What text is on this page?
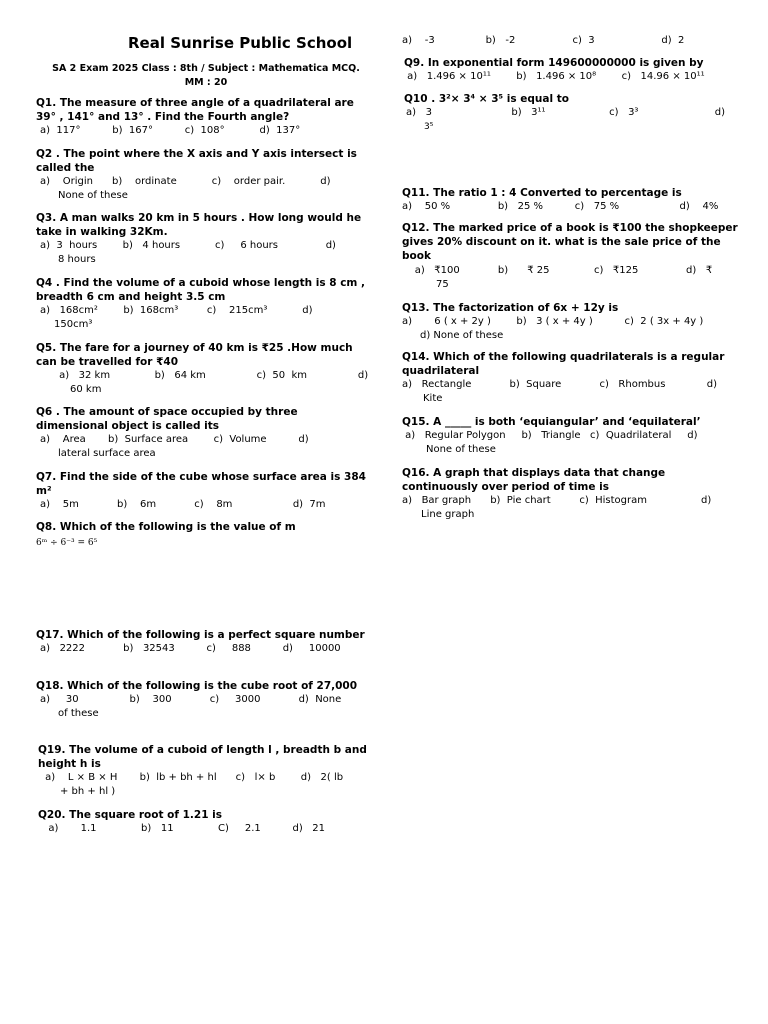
Real Sunrise Public School
SA 2 Exam 2025 Class : 8th / Subject : Mathematica MCQ.
MM : 20
Q1. The measure of three angle of a quadrilateral are 39° , 141° and 13° . Find the Fourth angle?
a)  117°          b)  167°          c)  108°           d)  137°
Q2 . The point where the X axis and Y axis intersect is called the
a)    Origin      b)    ordinate           c)    order pair.           d)
None of these
Q3. A man walks 20 km in 5 hours . How long would he take in walking 32Km.
a)  3  hours        b)   4 hours           c)     6 hours               d)
8 hours
Q4 . Find the volume of a cuboid whose length is 8 cm , breadth 6 cm and height 3.5 cm
a)   168cm²        b)  168cm³         c)    215cm³           d)
150cm³
Q5. The fare for a journey of 40 km is ₹25 .How much can be travelled for ₹40
a)   32 km              b)   64 km                c)  50  km                d)
60 km
Q6 . The amount of space occupied by three dimensional object is called its
a)    Area       b)  Surface area        c)  Volume          d)
lateral surface area
Q7. Find the side of the cube whose surface area is 384 m²
a)    5m            b)    6m            c)    8m                   d)  7m
Q8. Which of the following is the value of m
6ᵐ ÷ 6⁻³ = 6⁵
Q17. Which of the following is a perfect square number
a)   2222            b)   32543          c)     888          d)     10000
Q18. Which of the following is the cube root of 27,000
a)     30                b)    300            c)     3000            d)  None
of these
Q19. The volume of a cuboid of length l , breadth b and height h is
a)    L × B × H       b)  lb + bh + hl      c)   l× b        d)   2( lb
+ bh + hl )
Q20. The square root of 1.21 is
a)       1.1              b)   11              C)     2.1          d)   21
a)    -3                b)   -2                  c)  3                     d)  2
Q9. In exponential form 149600000000 is given by
a)   1.496 × 10¹¹        b)   1.496 × 10⁸        c)   14.96 × 10¹¹
Q10 . 3²× 3⁴ × 3⁵ is equal to
a)   3                         b)   3¹¹                    c)   3³                        d)
3⁵
Q11. The ratio 1 : 4 Converted to percentage is
a)    50 %               b)   25 %          c)   75 %                   d)    4%
Q12. The marked price of a book is ₹100 the shopkeeper gives 20% discount on it. what is the sale price of the book
a)   ₹100            b)      ₹ 25              c)   ₹125               d)   ₹
75
Q13. The factorization of 6x + 12y is
a)       6 ( x + 2y )        b)   3 ( x + 4y )          c)  2 ( 3x + 4y )
d) None of these
Q14. Which of the following quadrilaterals is a regular quadrilateral
a)   Rectangle            b)  Square            c)   Rhombus             d)
Kite
Q15. A _____ is both ‘equiangular’ and ‘equilateral’
a)   Regular Polygon     b)   Triangle   c)  Quadrilateral     d)
None of these
Q16. A graph that displays data that change continuously over period of time is
a)   Bar graph      b)  Pie chart         c)  Histogram                 d)
Line graph
